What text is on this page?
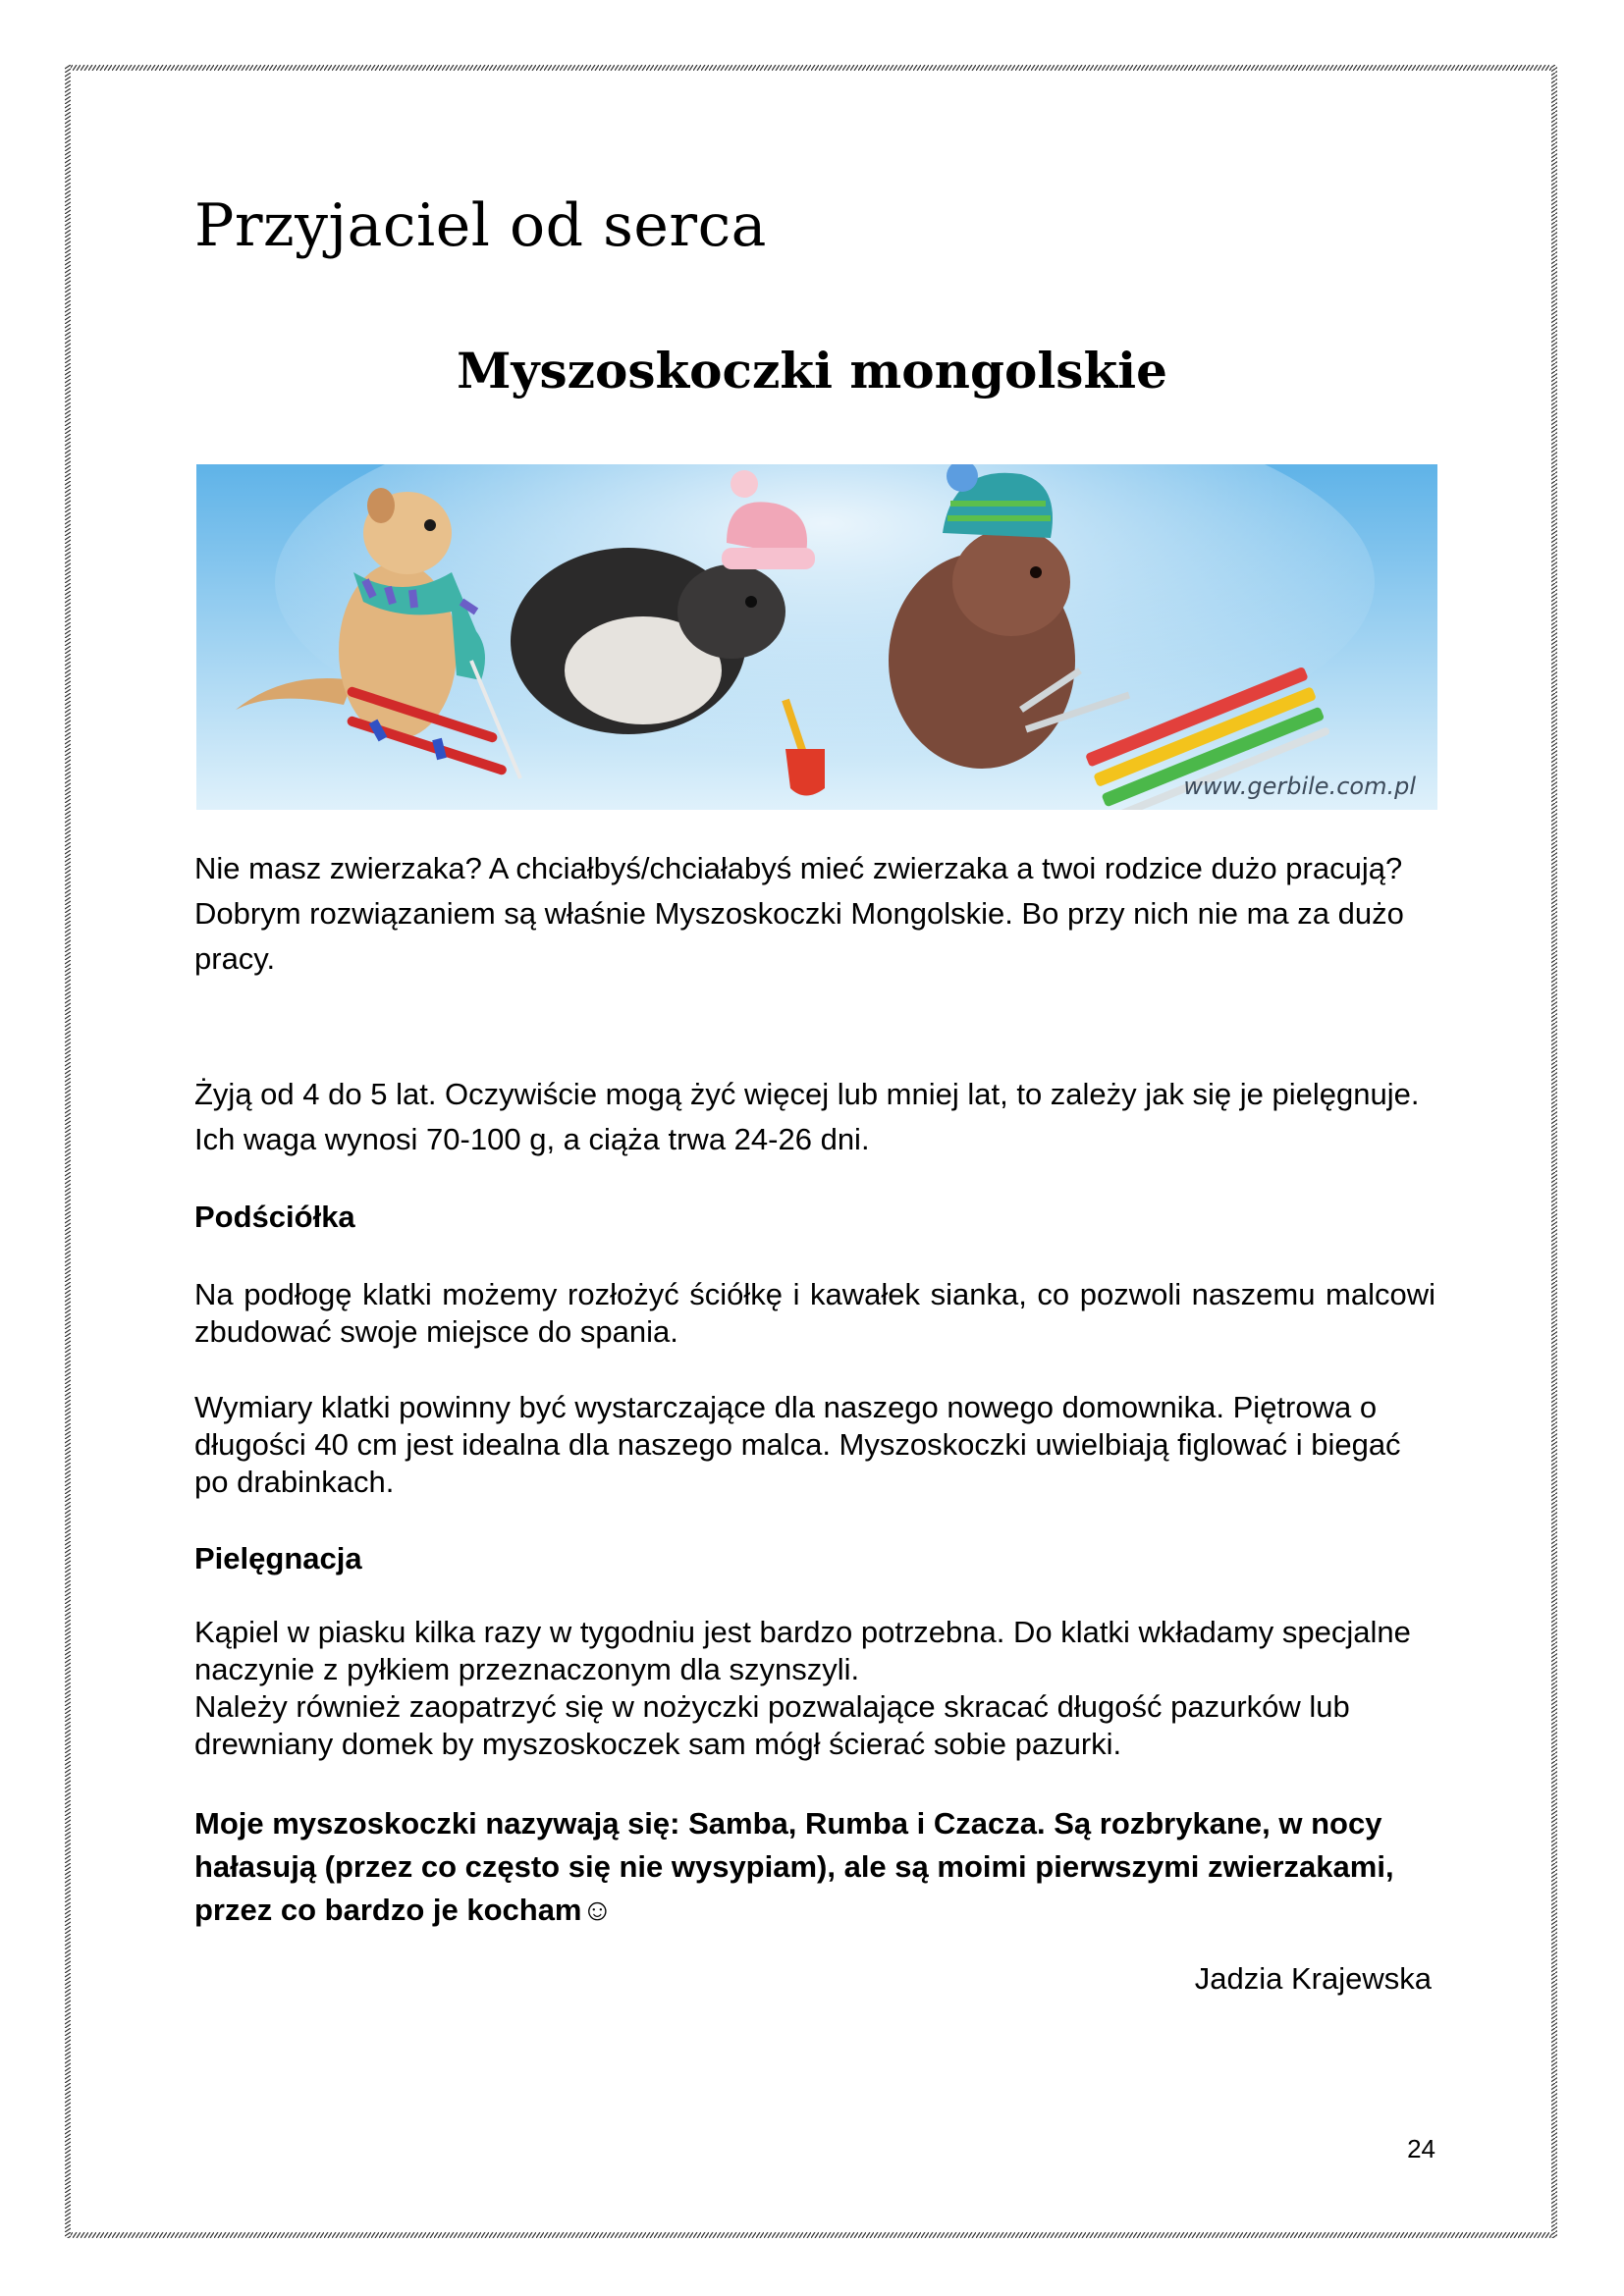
Przyjaciel od serca
Myszoskoczki mongolskie
www.gerbile.com.pl

Nie masz zwierzaka? A chciałbyś/chciałabyś mieć zwierzaka a twoi rodzice dużo pracują? Dobrym rozwiązaniem są właśnie Myszoskoczki Mongolskie. Bo przy nich nie ma za dużo pracy.

Żyją od 4 do 5 lat. Oczywiście mogą żyć więcej lub mniej lat, to zależy jak się je pielęgnuje. Ich waga wynosi 70-100 g, a ciąża trwa 24-26 dni.

Podściółka

Na podłogę klatki możemy rozłożyć ściółkę i kawałek sianka, co pozwoli naszemu malcowi zbudować swoje miejsce do spania.

Wymiary klatki powinny być wystarczające dla naszego nowego domownika. Piętrowa o długości 40 cm jest idealna dla naszego malca. Myszoskoczki uwielbiają figlować i biegać po drabinkach.

Pielęgnacja

Kąpiel w piasku kilka razy w tygodniu jest bardzo potrzebna. Do klatki wkładamy specjalne naczynie z pyłkiem przeznaczonym dla szynszyli.
Należy również zaopatrzyć się w nożyczki pozwalające skracać długość pazurków lub drewniany domek by myszoskoczek sam mógł ścierać sobie pazurki.

Moje myszoskoczki nazywają się: Samba, Rumba i Czacza. Są rozbrykane, w nocy hałasują (przez co często się nie wysypiam), ale są moimi pierwszymi zwierzakami, przez co bardzo je kocham☺

Jadzia Krajewska
24
